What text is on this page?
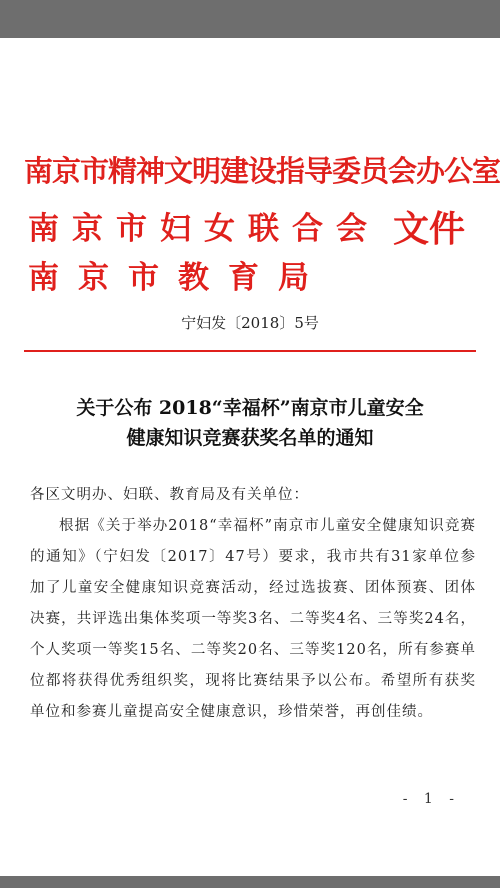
南京市精神文明建设指导委员会办公室
南京市妇女联合会
南京市教育局
文件
宁妇发〔2018〕5号
关于公布 2018“幸福杯”南京市儿童安全
健康知识竞赛获奖名单的通知
各区文明办、妇联、教育局及有关单位：
根据《关于举办2018“幸福杯”南京市儿童安全健康知识竞赛的通知》（宁妇发〔2017〕47号）要求，我市共有31家单位参加了儿童安全健康知识竞赛活动，经过选拔赛、团体预赛、团体决赛，共评选出集体奖项一等奖3名、二等奖4名、三等奖24名，个人奖项一等奖15名、二等奖20名、三等奖120名，所有参赛单位都将获得优秀组织奖，现将比赛结果予以公布。希望所有获奖单位和参赛儿童提高安全健康意识，珍惜荣誉，再创佳绩。
- 1 -
